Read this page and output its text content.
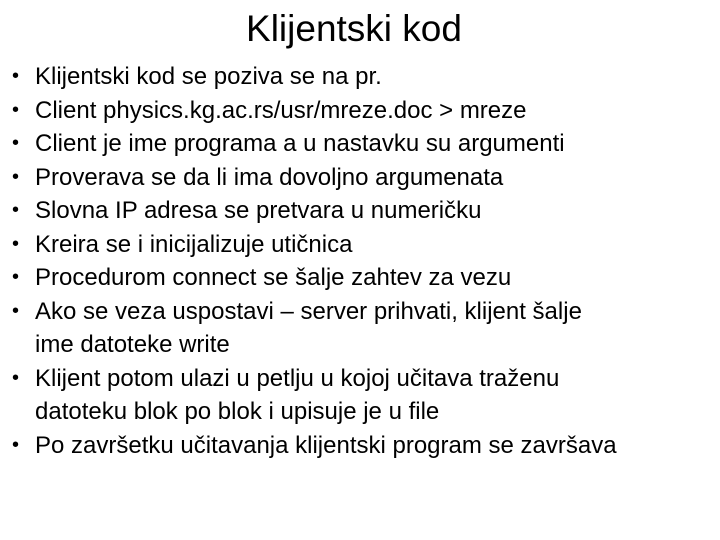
Klijentski kod
• Klijentski kod se poziva se na pr.
• Client physics.kg.ac.rs/usr/mreze.doc > mreze
• Client je ime programa a u nastavku su argumenti
• Proverava se da li ima dovoljno argumenata
• Slovna IP adresa se pretvara u numeričku
• Kreira se i inicijalizuje utičnica
• Procedurom connect se šalje zahtev za vezu
• Ako se veza uspostavi – server prihvati, klijent šalje
ime datoteke write
• Klijent potom ulazi u petlju u kojoj učitava traženu
datoteku blok po blok i upisuje je u file
• Po završetku učitavanja klijentski program se završava
